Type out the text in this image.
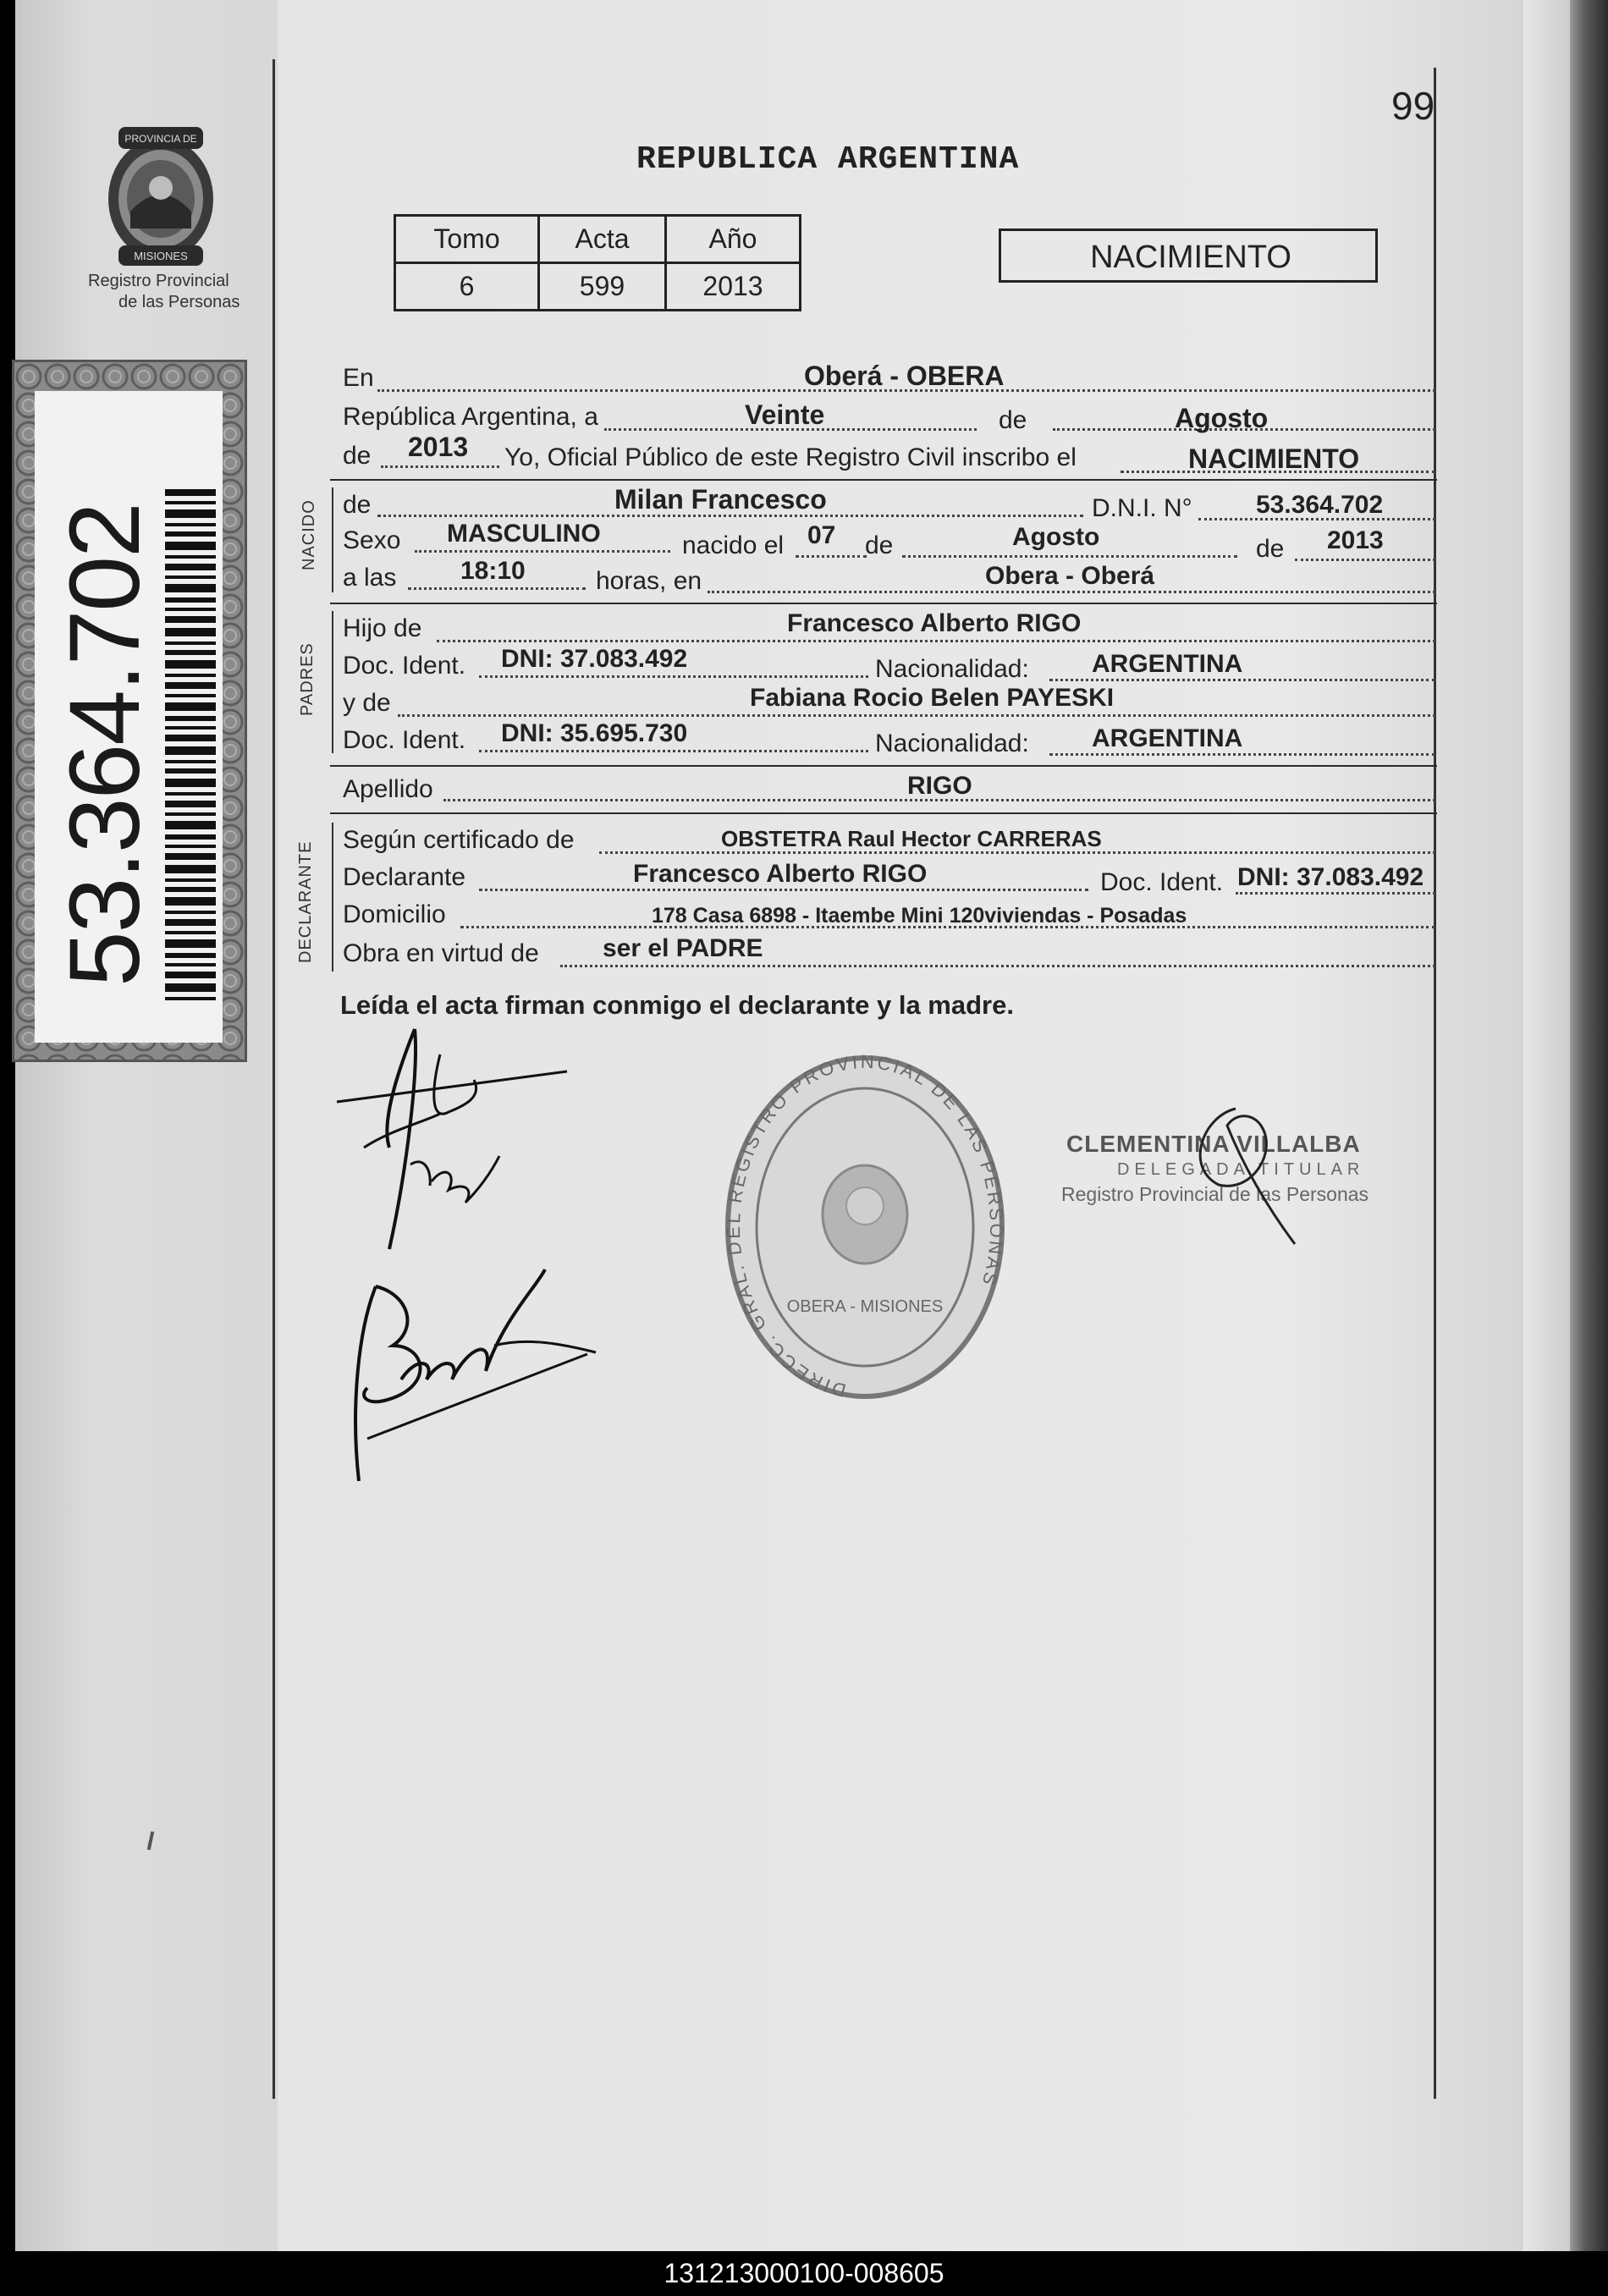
99
PROVINCIA DE
MISIONES
Registro Provincial
de las Personas
53.364.702
REPUBLICA ARGENTINA
Tomo	Acta	Año
6	599	2013
NACIMIENTO
En	Oberá - OBERA
República Argentina, a	Veinte	de	Agosto
de 2013 Yo, Oficial Público de este Registro Civil inscribo el	NACIMIENTO
NACIDO de	Milan Francesco	D.N.I. N°	53.364.702
Sexo MASCULINO	nacido el 07 de	Agosto	de 2013
a las	18:10	horas, en	Obera - Oberá
PADRES
Hijo de	Francesco Alberto RIGO
Doc. Ident. DNI: 37.083.492	Nacionalidad: ARGENTINA
y de	Fabiana Rocio Belen PAYESKI
Doc. Ident. DNI: 35.695.730	Nacionalidad: ARGENTINA
Apellido	RIGO
DECLARANTE
Según certificado de	OBSTETRA Raul Hector CARRERAS
Declarante	Francesco Alberto RIGO	Doc. Ident. DNI: 37.083.492
Domicilio	178 Casa 6898 - Itaembe Mini 120viviendas - Posadas
Obra en virtud de	ser el PADRE
Leída el acta firman conmigo el declarante y la madre.
DIRECC. GRAL. DEL REGISTRO PROVINCIAL DE LAS PERSONAS
OBERA - MISIONES
CLEMENTINA VILLALBA
DELEGADA TITULAR
Registro Provincial de las Personas
131213000100-008605
